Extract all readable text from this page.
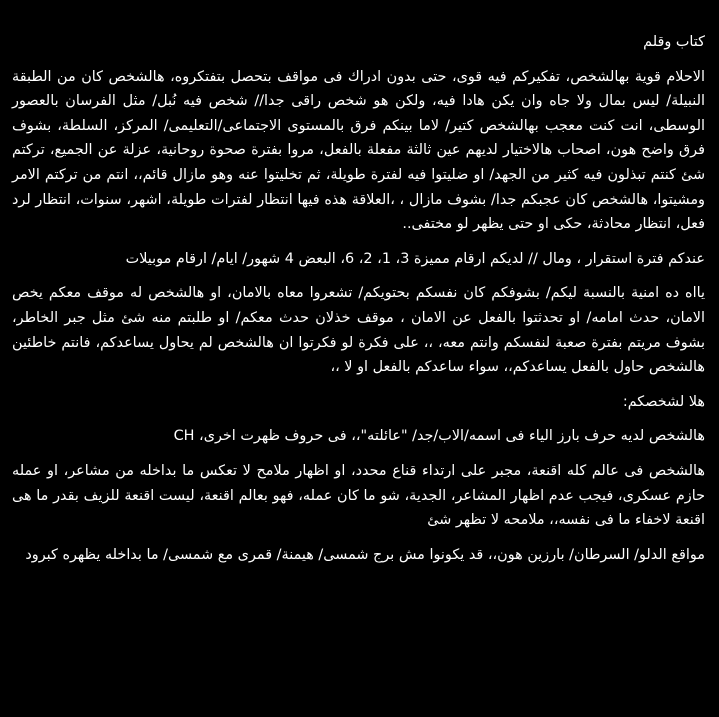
كتاب وقلم
الاحلام قوية بهالشخص، تفكيركم فيه قوى، حتى بدون ادراك فى مواقف بتحصل بتفتكروه، هالشخص كان من الطبقة النبيلة/ ليس بمال ولا جاه وان يكن هادا فيه، ولكن هو شخص راقى جدا// شخص فيه نُبل/ مثل الفرسان بالعصور الوسطى، انت كنت معجب بهالشخص كتير/ لاما بينكم فرق بالمستوى الاجتماعى/التعليمى/ المركز، السلطة، بشوف فرق واضح هون، اصحاب هالاختيار لديهم عين ثالثة مفعلة بالفعل، مروا بفترة صحوة روحانية، عزلة عن الجميع، تركتم شئ كنتم تبذلون فيه كثير من الجهد/ او ضليتوا فيه لفترة طويلة، ثم تخليتوا عنه وهو مازال قائم،، انتم من تركتم الامر ومشيتوا، هالشخص كان عجبكم جدا/ بشوف مازال ، ،العلاقة هذه فيها انتظار لفترات طويلة، اشهر، سنوات، انتظار لرد فعل، انتظار محادثة، حكى او حتى يظهر لو مختفى..
عندكم فترة استقرار ، ومال // لديكم ارقام مميزة 3، 1، 2، 6، البعض 4 شهور/ ايام/ ارقام موبيلات
يااه ده امنية بالنسبة ليكم/ بشوفكم كان نفسكم بحتويكم/ تشعروا معاه بالامان، او هالشخص له موقف معكم يخص الامان، حدث امامه/ او تحدثتوا بالفعل عن الامان ، موقف خذلان حدث معكم/ او طلبتم منه شئ مثل جبر الخاطر، بشوف مريتم بفترة صعبة لنفسكم وانتم معه، ،، على فكرة لو فكرتوا ان هالشخص لم يحاول يساعدكم، فانتم خاطئين هالشخص حاول بالفعل يساعدكم،، سواء ساعدكم بالفعل او لا ،،
هلا لشخصكم:
هالشخص لديه حرف بارز الياء فى اسمه/الاب/جد/ "عائلته"،، فى حروف ظهرت اخرى، CH
هالشخص فى عالم كله اقنعة، مجبر على ارتداء قناع محدد، او اظهار ملامح لا تعكس ما بداخله من مشاعر، او عمله حازم عسكرى، فيجب عدم اظهار المشاعر، الجدية، شو ما كان عمله، فهو بعالم اقنعة، ليست اقنعة للزيف بقدر ما هى اقنعة لاخفاء ما فى نفسه،، ملامحه لا تظهر شئ
مواقع الدلو/ السرطان/ بارزين هون،، قد يكونوا مش برج شمسى/ هيمنة/ قمرى مع شمسى/ ما بداخله يظهره كبرود
